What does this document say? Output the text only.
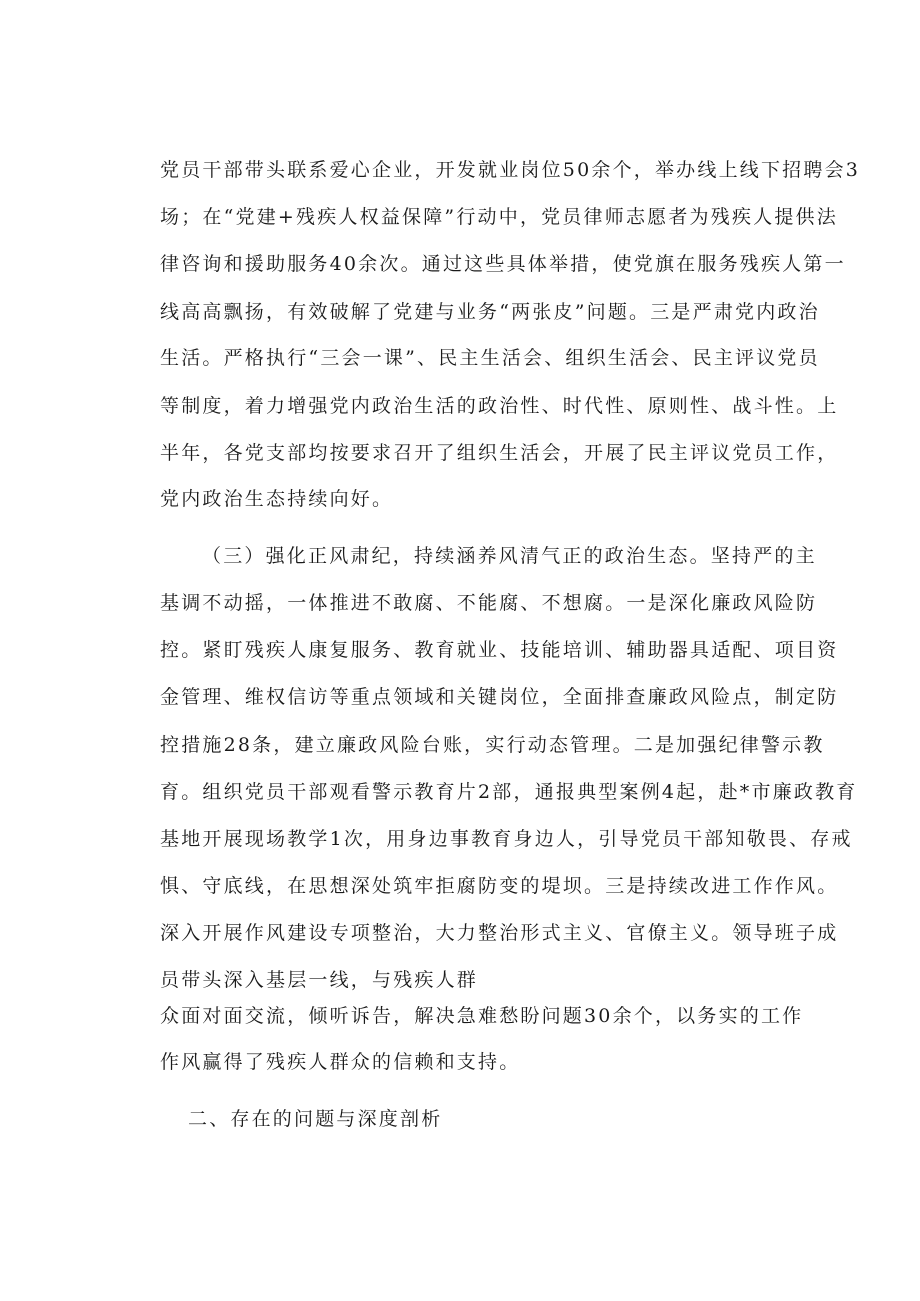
党员干部带头联系爱心企业，开发就业岗位50余个，举办线上线下招聘会3
场；在“党建+残疾人权益保障”行动中，党员律师志愿者为残疾人提供法
律咨询和援助服务40余次。通过这些具体举措，使党旗在服务残疾人第一
线高高飘扬，有效破解了党建与业务“两张皮”问题。三是严肃党内政治
生活。严格执行“三会一课”、民主生活会、组织生活会、民主评议党员
等制度，着力增强党内政治生活的政治性、时代性、原则性、战斗性。上
半年，各党支部均按要求召开了组织生活会，开展了民主评议党员工作，
党内政治生态持续向好。
（三）强化正风肃纪，持续涵养风清气正的政治生态。坚持严的主
基调不动摇，一体推进不敢腐、不能腐、不想腐。一是深化廉政风险防
控。紧盯残疾人康复服务、教育就业、技能培训、辅助器具适配、项目资
金管理、维权信访等重点领域和关键岗位，全面排查廉政风险点，制定防
控措施28条，建立廉政风险台账，实行动态管理。二是加强纪律警示教
育。组织党员干部观看警示教育片2部，通报典型案例4起，赴*市廉政教育
基地开展现场教学1次，用身边事教育身边人，引导党员干部知敬畏、存戒
惧、守底线，在思想深处筑牢拒腐防变的堤坝。三是持续改进工作作风。
深入开展作风建设专项整治，大力整治形式主义、官僚主义。领导班子成
员带头深入基层一线，与残疾人群
众面对面交流，倾听诉告，解决急难愁盼问题30余个，以务实的工作
作风赢得了残疾人群众的信赖和支持。
二、存在的问题与深度剖析
